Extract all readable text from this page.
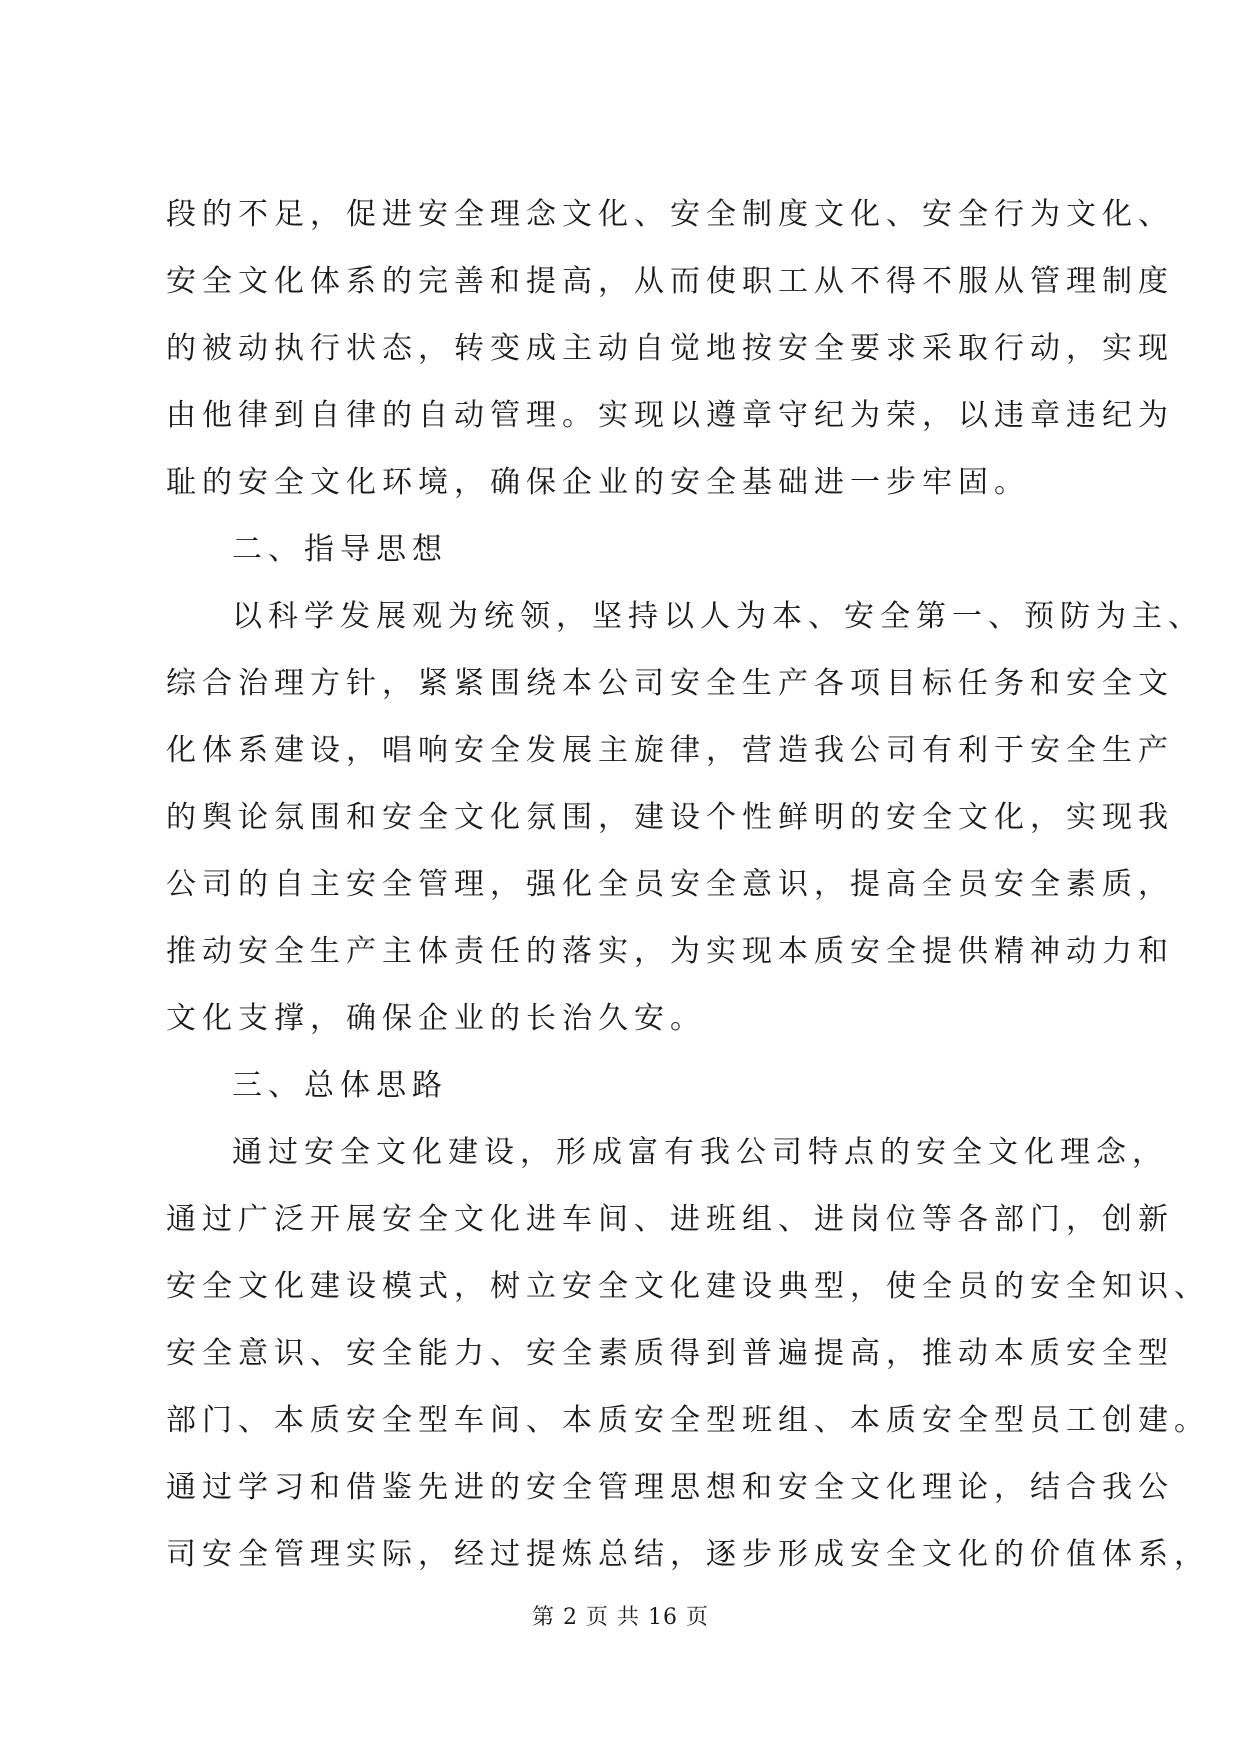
段的不足，促进安全理念文化、安全制度文化、安全行为文化、
安全文化体系的完善和提高，从而使职工从不得不服从管理制度
的被动执行状态，转变成主动自觉地按安全要求采取行动，实现
由他律到自律的自动管理。实现以遵章守纪为荣，以违章违纪为
耻的安全文化环境，确保企业的安全基础进一步牢固。
二、指导思想
以科学发展观为统领，坚持以人为本、安全第一、预防为主、
综合治理方针，紧紧围绕本公司安全生产各项目标任务和安全文
化体系建设，唱响安全发展主旋律，营造我公司有利于安全生产
的舆论氛围和安全文化氛围，建设个性鲜明的安全文化，实现我
公司的自主安全管理，强化全员安全意识，提高全员安全素质，
推动安全生产主体责任的落实，为实现本质安全提供精神动力和
文化支撑，确保企业的长治久安。
三、总体思路
通过安全文化建设，形成富有我公司特点的安全文化理念，
通过广泛开展安全文化进车间、进班组、进岗位等各部门，创新
安全文化建设模式，树立安全文化建设典型，使全员的安全知识、
安全意识、安全能力、安全素质得到普遍提高，推动本质安全型
部门、本质安全型车间、本质安全型班组、本质安全型员工创建。
通过学习和借鉴先进的安全管理思想和安全文化理论，结合我公
司安全管理实际，经过提炼总结，逐步形成安全文化的价值体系，
第 2 页 共 16 页
